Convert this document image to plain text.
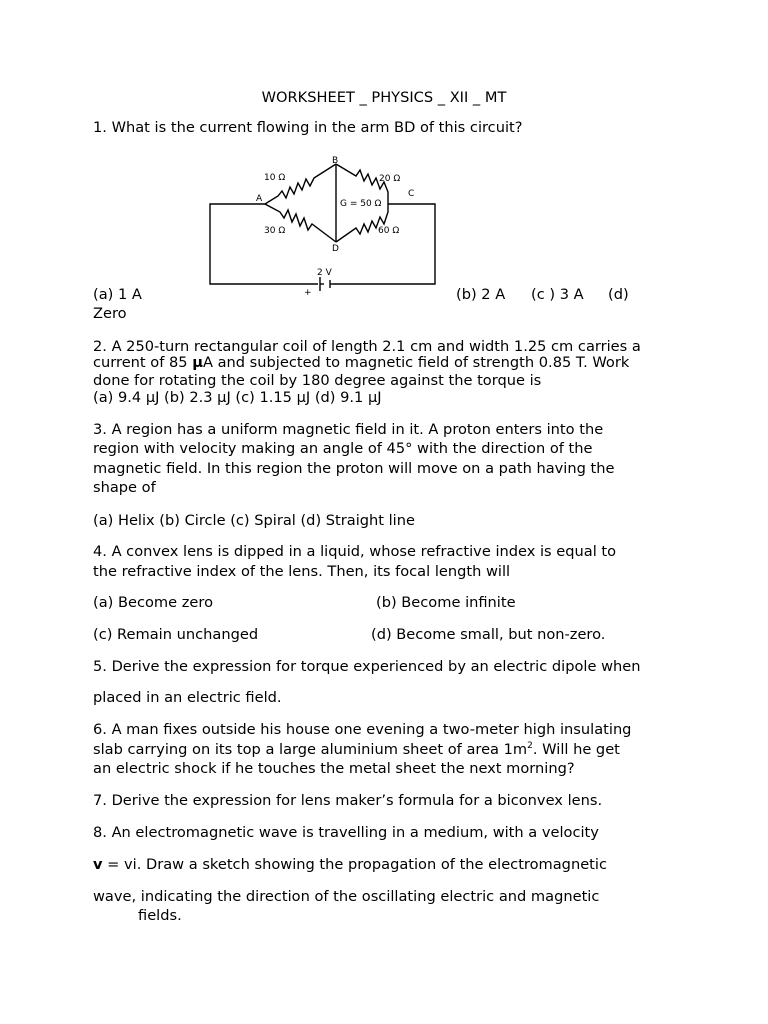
WORKSHEET _ PHYSICS _ XII _ MT
1. What is the current flowing in the arm BD of this circuit?
B
A	C
D
10 Ω	20 Ω
30 Ω	60 Ω
G = 50 Ω
2 V
+
(a) 1 A	(b) 2 A (c ) 3 A (d)
Zero
2. A 250-turn rectangular coil of length 2.1 cm and width 1.25 cm carries a
current of 85 μA and subjected to magnetic field of strength 0.85 T. Work
done for rotating the coil by 180 degree against the torque is
(a) 9.4 μJ (b) 2.3 μJ (c) 1.15 μJ (d) 9.1 μJ
3. A region has a uniform magnetic field in it. A proton enters into the
region with velocity making an angle of 45° with the direction of the
magnetic field. In this region the proton will move on a path having the
shape of
(a) Helix (b) Circle (c) Spiral (d) Straight line
4. A convex lens is dipped in a liquid, whose refractive index is equal to
the refractive index of the lens. Then, its focal length will
(a) Become zero	(b) Become infinite
(c) Remain unchanged	(d) Become small, but non-zero.
5. Derive the expression for torque experienced by an electric dipole when
placed in an electric field.
6. A man fixes outside his house one evening a two-meter high insulating
slab carrying on its top a large aluminium sheet of area $1m^2$. Will he get
an electric shock if he touches the metal sheet the next morning?
7. Derive the expression for lens maker’s formula for a biconvex lens.
8. An electromagnetic wave is travelling in a medium, with a velocity
v = vi̇. Draw a sketch showing the propagation of the electromagnetic
wave, indicating the direction of the oscillating electric and magnetic
fields.
